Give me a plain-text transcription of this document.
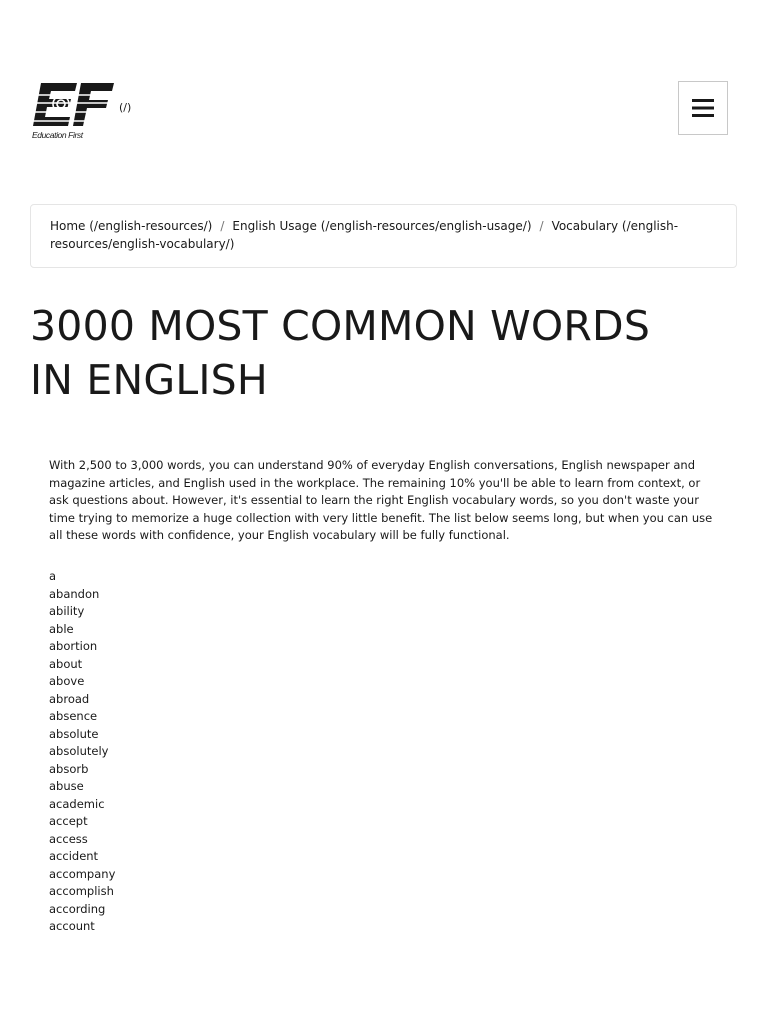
Education First
(/)
Home (/english-resources/) / English Usage (/english-resources/english-usage/) / Vocabulary (/english-resources/english-vocabulary/)
3000 MOST COMMON WORDS
IN ENGLISH

With 2,500 to 3,000 words, you can understand 90% of everyday English conversations, English newspaper and magazine articles, and English used in the workplace. The remaining 10% you'll be able to learn from context, or ask questions about. However, it's essential to learn the right English vocabulary words, so you don't waste your time trying to memorize a huge collection with very little benefit. The list below seems long, but when you can use all these words with confidence, your English vocabulary will be fully functional.

a
abandon
ability
able
abortion
about
above
abroad
absence
absolute
absolutely
absorb
abuse
academic
accept
access
accident
accompany
accomplish
according
account
